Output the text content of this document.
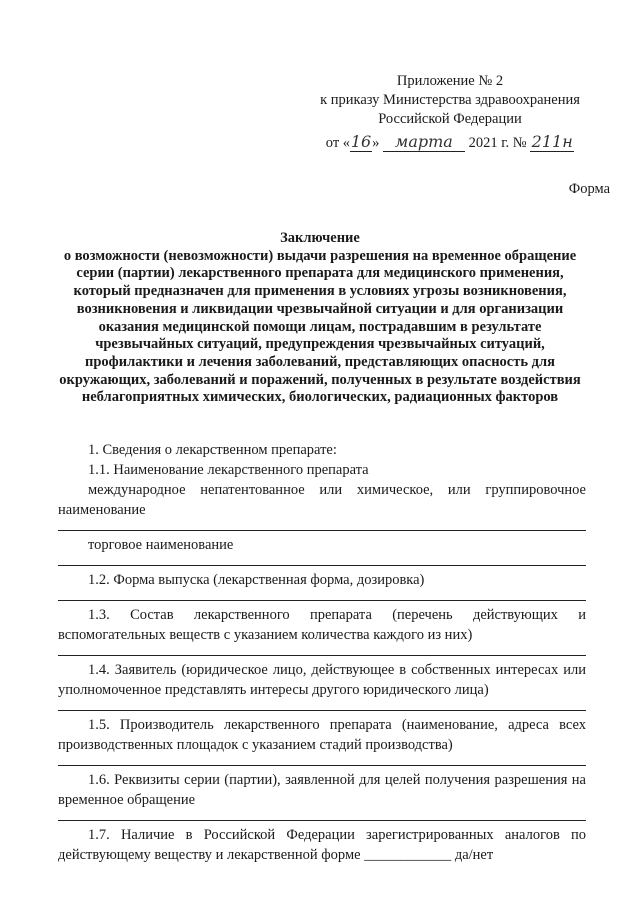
Приложение № 2
к приказу Министерства здравоохранения
Российской Федерации
от «16» марта 2021 г. № 211н
Форма
Заключение
о возможности (невозможности) выдачи разрешения на временное обращение серии (партии) лекарственного препарата для медицинского применения, который предназначен для применения в условиях угрозы возникновения, возникновения и ликвидации чрезвычайной ситуации и для организации оказания медицинской помощи лицам, пострадавшим в результате чрезвычайных ситуаций, предупреждения чрезвычайных ситуаций, профилактики и лечения заболеваний, представляющих опасность для окружающих, заболеваний и поражений, полученных в результате воздействия неблагоприятных химических, биологических, радиационных факторов

1. Сведения о лекарственном препарате:

1.1. Наименование лекарственного препарата

международное непатентованное или химическое, или группировочное наименование

торговое наименование

1.2. Форма выпуска (лекарственная форма, дозировка)

1.3. Состав лекарственного препарата (перечень действующих и вспомогательных веществ с указанием количества каждого из них)

1.4. Заявитель (юридическое лицо, действующее в собственных интересах или уполномоченное представлять интересы другого юридического лица)

1.5. Производитель лекарственного препарата (наименование, адреса всех производственных площадок с указанием стадий производства)

1.6. Реквизиты серии (партии), заявленной для целей получения разрешения на временное обращение

1.7. Наличие в Российской Федерации зарегистрированных аналогов по действующему веществу и лекарственной форме ____________ да/нет
